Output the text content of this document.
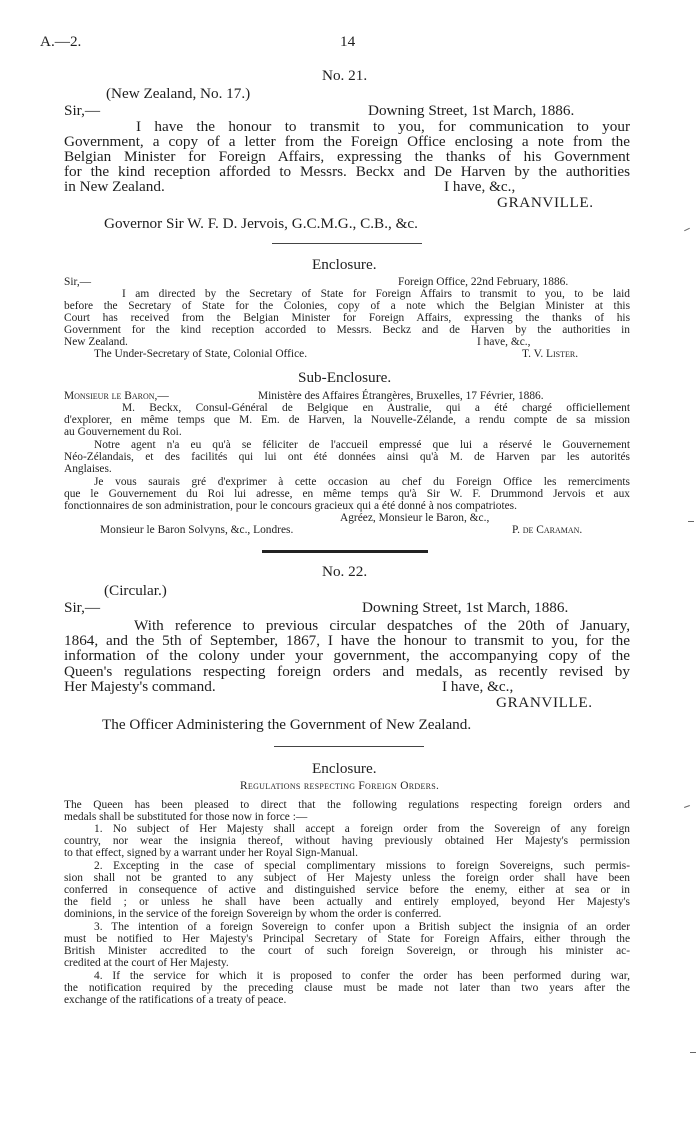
A.—2.	14
No. 21.
(New Zealand, No. 17.)
Sir,—	Downing Street, 1st March, 1886.
I have the honour to transmit to you, for communication to your
Government, a copy of a letter from the Foreign Office enclosing a note from the
Belgian Minister for Foreign Affairs, expressing the thanks of his Government
for the kind reception afforded to Messrs. Beckx and De Harven by the authorities
in New Zealand.	I have, &c.,
GRANVILLE.
Governor Sir W. F. D. Jervois, G.C.M.G., C.B., &c.
Enclosure.
Sir,—	Foreign Office, 22nd February, 1886.
I am directed by the Secretary of State for Foreign Affairs to transmit to you, to be laid
before the Secretary of State for the Colonies, copy of a note which the Belgian Minister at this
Court has received from the Belgian Minister for Foreign Affairs, expressing the thanks of his
Government for the kind reception accorded to Messrs. Beckz and de Harven by the authorities in
New Zealand.	I have, &c.,
The Under-Secretary of State, Colonial Office.	T. V. Lister.
Sub-Enclosure.
Monsieur le Baron,—	Ministère des Affaires Étrangères, Bruxelles, 17 Février, 1886.
M. Beckx, Consul-Général de Belgique en Australie, qui a été chargé officiellement
d'explorer, en même temps que M. Em. de Harven, la Nouvelle-Zélande, a rendu compte de sa mission
au Gouvernement du Roi.
Notre agent n'a eu qu'à se féliciter de l'accueil empressé que lui a réservé le Gouvernement
Néo-Zélandais, et des facilités qui lui ont été données ainsi qu'à M. de Harven par les autorités
Anglaises.
Je vous saurais gré d'exprimer à cette occasion au chef du Foreign Office les remerciments
que le Gouvernement du Roi lui adresse, en même temps qu'à Sir W. F. Drummond Jervois et aux
fonctionnaires de son administration, pour le concours gracieux qui a été donné à nos compatriotes.
Agréez, Monsieur le Baron, &c.,
Monsieur le Baron Solvyns, &c., Londres.	P. de Caraman.
No. 22.
(Circular.)
Sir,—	Downing Street, 1st March, 1886.
With reference to previous circular despatches of the 20th of January,
1864, and the 5th of September, 1867, I have the honour to transmit to you, for the
information of the colony under your government, the accompanying copy of the
Queen's regulations respecting foreign orders and medals, as recently revised by
Her Majesty's command.	I have, &c.,
GRANVILLE.
The Officer Administering the Government of New Zealand.
Enclosure.
Regulations respecting Foreign Orders.
The Queen has been pleased to direct that the following regulations respecting foreign orders and
medals shall be substituted for those now in force :—
1. No subject of Her Majesty shall accept a foreign order from the Sovereign of any foreign
country, nor wear the insignia thereof, without having previously obtained Her Majesty's permission
to that effect, signed by a warrant under her Royal Sign-Manual.
2. Excepting in the case of special complimentary missions to foreign Sovereigns, such permis-
sion shall not be granted to any subject of Her Majesty unless the foreign order shall have been
conferred in consequence of active and distinguished service before the enemy, either at sea or in
the field ; or unless he shall have been actually and entirely employed, beyond Her Majesty's
dominions, in the service of the foreign Sovereign by whom the order is conferred.
3. The intention of a foreign Sovereign to confer upon a British subject the insignia of an order
must be notified to Her Majesty's Principal Secretary of State for Foreign Affairs, either through the
British Minister accredited to the court of such foreign Sovereign, or through his minister ac-
credited at the court of Her Majesty.
4. If the service for which it is proposed to confer the order has been performed during war,
the notification required by the preceding clause must be made not later than two years after the
exchange of the ratifications of a treaty of peace.
